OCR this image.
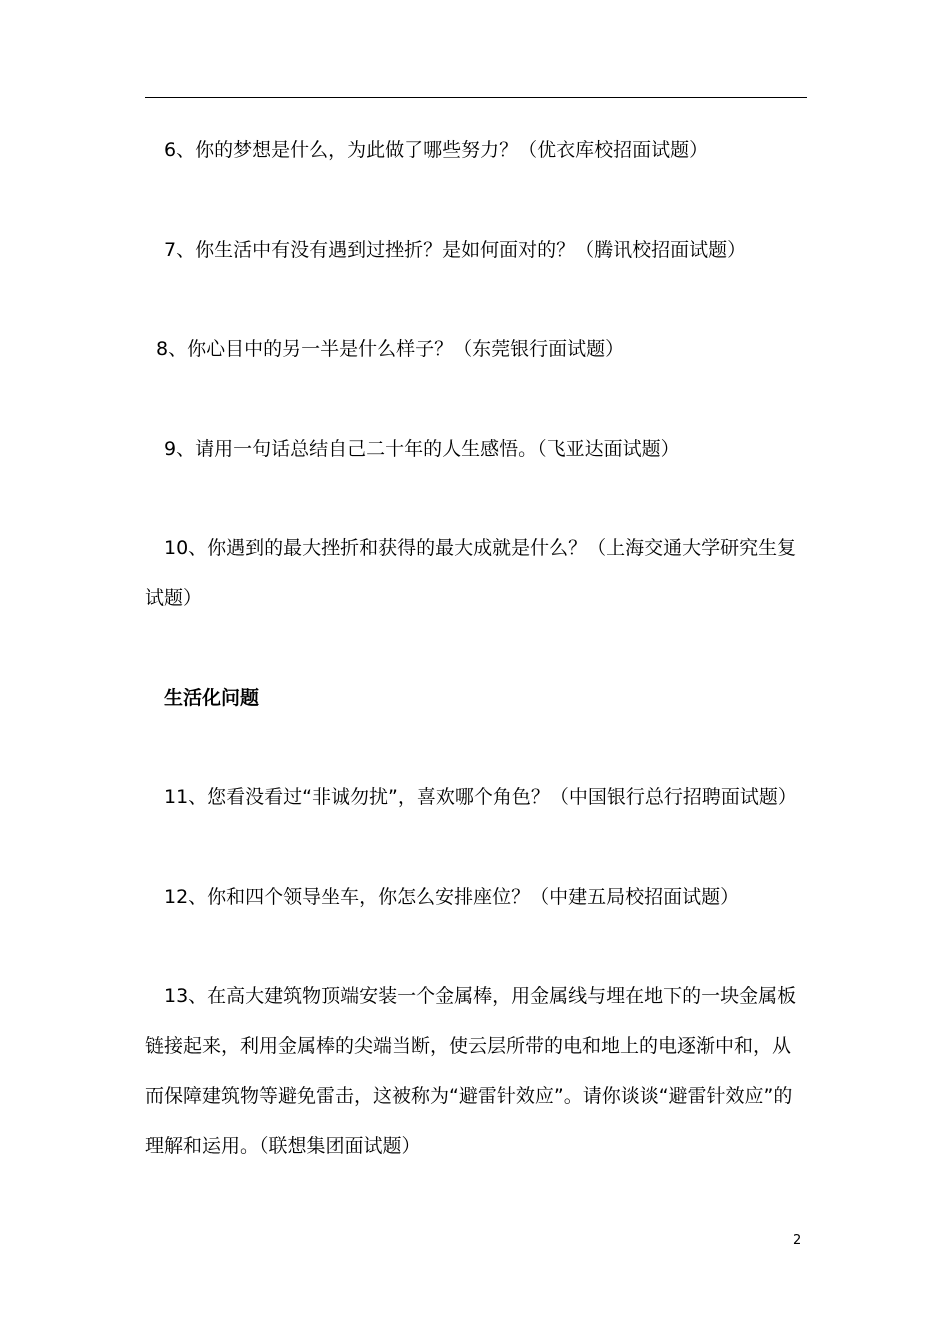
6、你的梦想是什么，为此做了哪些努力？（优衣库校招面试题）

7、你生活中有没有遇到过挫折？是如何面对的？（腾讯校招面试题）

8、你心目中的另一半是什么样子？（东莞银行面试题）

9、请用一句话总结自己二十年的人生感悟。（飞亚达面试题）

10、你遇到的最大挫折和获得的最大成就是什么？（上海交通大学研究生复试题）

生活化问题

11、您看没看过“非诚勿扰”，喜欢哪个角色？（中国银行总行招聘面试题）

12、你和四个领导坐车，你怎么安排座位？（中建五局校招面试题）

13、在高大建筑物顶端安装一个金属棒，用金属线与埋在地下的一块金属板链接起来，利用金属棒的尖端当断，使云层所带的电和地上的电逐渐中和，从而保障建筑物等避免雷击，这被称为“避雷针效应”。请你谈谈“避雷针效应”的理解和运用。（联想集团面试题）

2
